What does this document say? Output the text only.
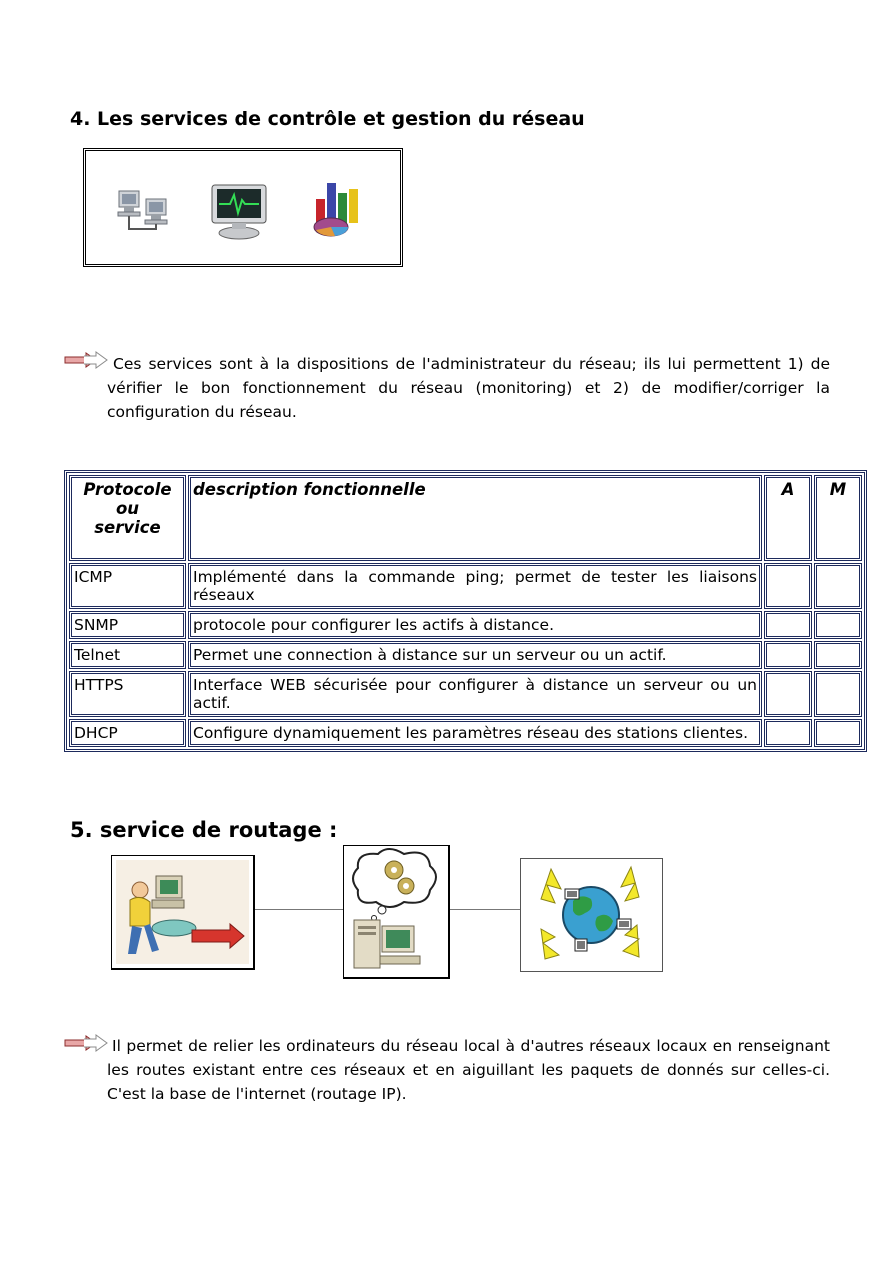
4. Les services de contrôle et gestion du réseau
Ces services sont à la dispositions de l'administrateur du réseau; ils lui permettent 1) de
vérifier le bon fonctionnement du réseau (monitoring) et 2) de modifier/corriger la
configuration du réseau.
Protocole
ou
service	description fonctionnelle	A	M
ICMP	Implémenté dans la commande ping; permet de tester les liaisons réseaux		
SNMP	protocole pour configurer les actifs à distance.		
Telnet	Permet une connection à distance sur un serveur ou un actif.		
HTTPS	Interface WEB sécurisée pour configurer à distance un serveur ou un actif.		
DHCP	Configure dynamiquement les paramètres réseau des stations clientes.		
5. service de routage :
Il permet de relier les ordinateurs du réseau local à d'autres réseaux locaux en renseignant
les routes existant entre ces réseaux et en aiguillant les paquets de donnés sur celles-ci.
C'est la base de l'internet (routage IP).
